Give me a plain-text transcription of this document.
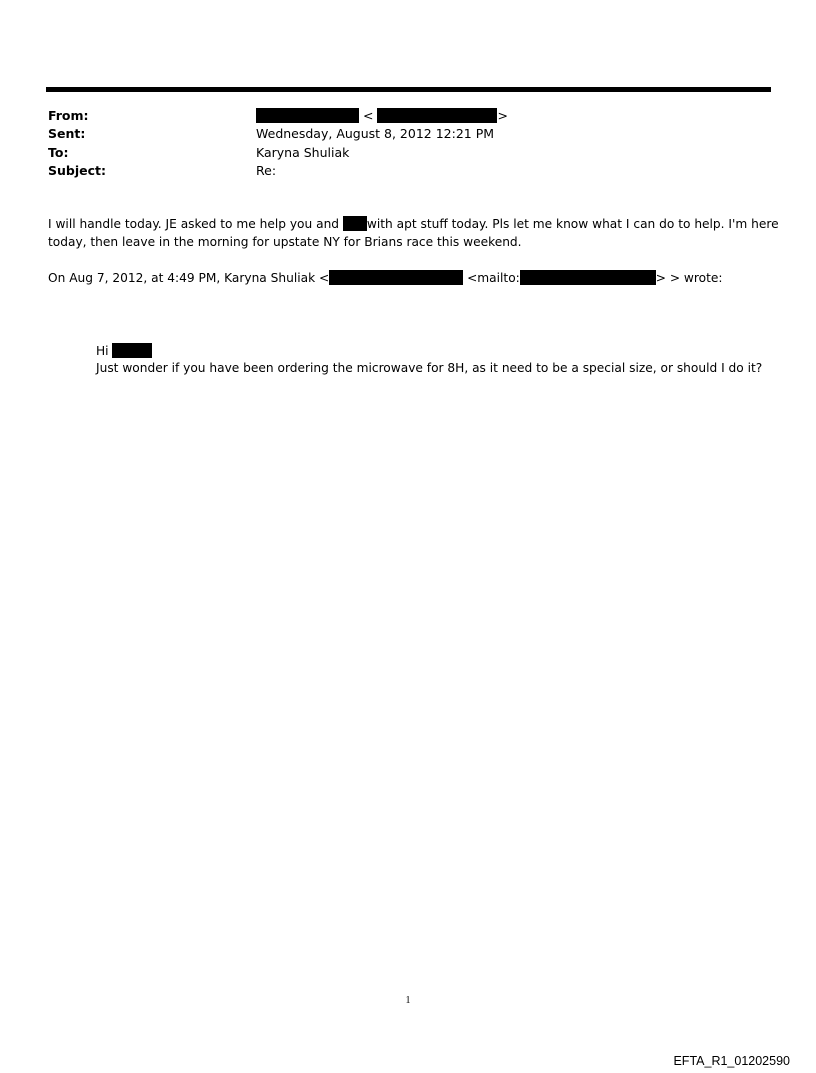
From:	<	>
Sent:	Wednesday, August 8, 2012 12:21 PM
To:	Karyna Shuliak
Subject:	Re:
I will handle today. JE asked to me help you and with apt stuff today. Pls let me know what I can do to help. I'm here
today, then leave in the morning for upstate NY for Brians race this weekend.
On Aug 7, 2012, at 4:49 PM, Karyna Shuliak <	<mailto:	> > wrote:
Hi
Just wonder if you have been ordering the microwave for 8H, as it need to be a special size, or should I do it?
1
EFTA_R1_01202590
